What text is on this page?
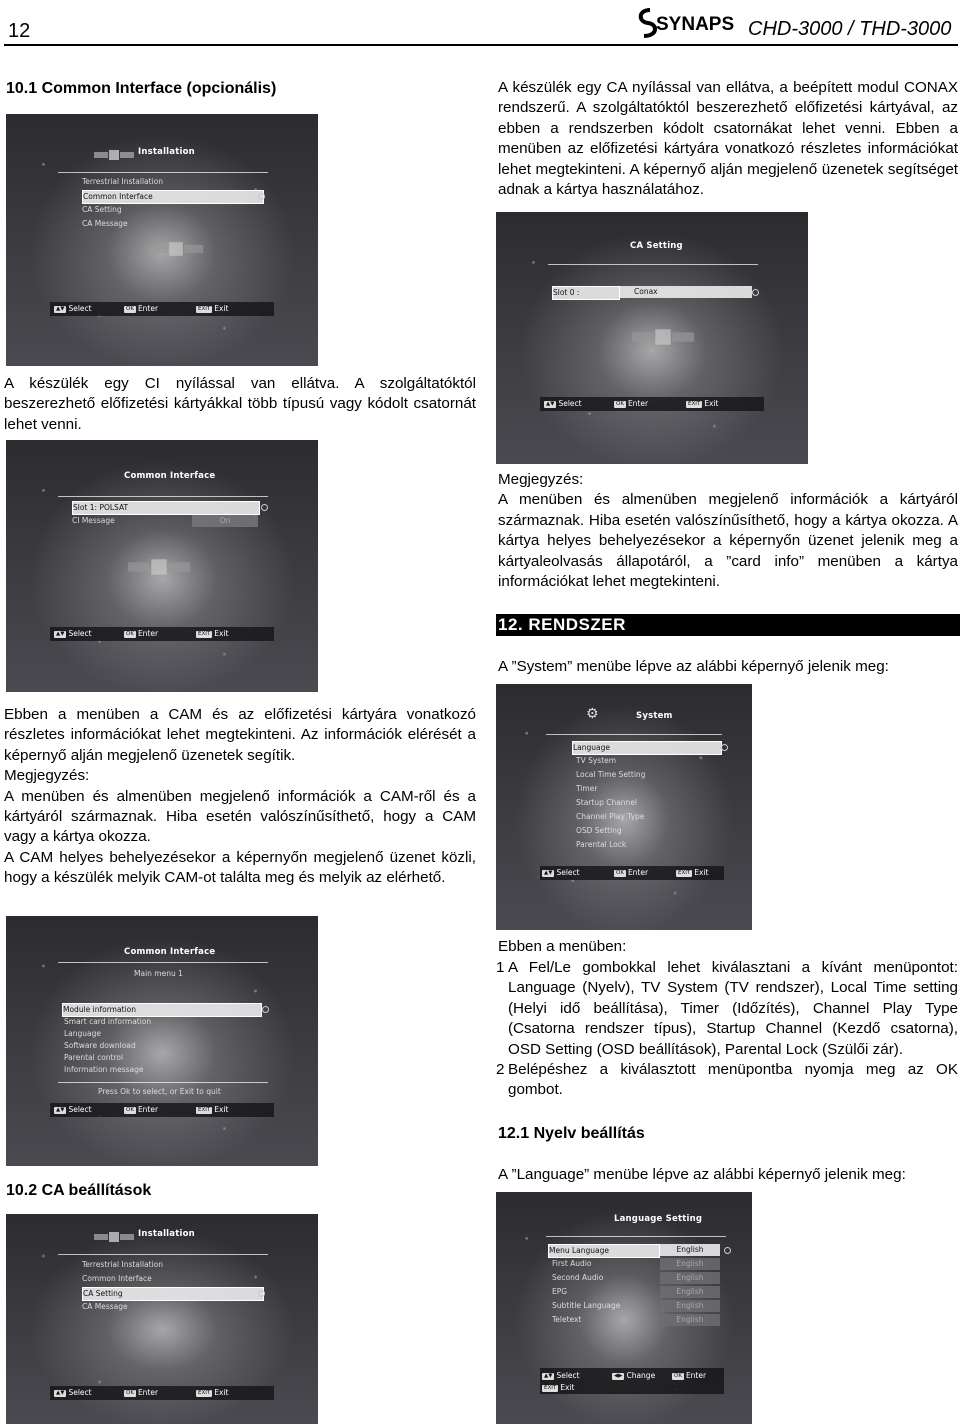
12	SYNAPS CHD-3000 / THD-3000
10.1 Common Interface (opcionális)
Installation
Terrestrial Installation
Common Interface
CA Setting
CA Message
▲▼ Select	OK Enter	EXIT Exit
A készülék egy CI nyílással van ellátva. A szolgáltatóktól beszerezhető előfizetési kártyákkal több típusú vagy kódolt csatornát lehet venni.
Common Interface
Slot 1: POLSAT
CI Message	On
▲▼ Select	OK Enter	EXIT Exit

Ebben a menüben a CAM és az előfizetési kártyára vonatkozó részletes információkat lehet megtekinteni. Az információk elérését a képernyő alján megjelenő üzenetek segítik.

Megjegyzés:

A menüben és almenüben megjelenő információk a CAM-ről és a kártyáról származnak. Hiba esetén valószínűsíthető, hogy a CAM vagy a kártya okozza.

A CAM helyes behelyezésekor a képernyőn megjelenő üzenet közli, hogy a készülék melyik CAM-ot találta meg és melyik az elérhető.

Common Interface
Main menu 1
Module information
Smart card information
Language
Software download
Parental control
Information message
Press Ok to select, or Exit to quit
▲▼ Select	OK Enter	EXIT Exit
10.2 CA beállítások
Installation
Terrestrial Installation
Common Interface
CA Setting
CA Message
▲▼ Select	OK Enter	EXIT Exit
A készülék egy CA nyílással van ellátva, a beépített modul CONAX rendszerű. A szolgáltatóktól beszerezhető előfizetési kártyával, az ebben a rendszerben kódolt csatornákat lehet venni. Ebben a menüben az előfizetési kártyára vonatkozó részletes információkat lehet megtekinteni. A képernyő alján megjelenő üzenetek segítséget adnak a kártya használatához.
CA Setting
Slot 0 :	Conax
▲▼ Select	OK Enter	EXIT Exit

Megjegyzés:

A menüben és almenüben megjelenő információk a kártyáról származnak. Hiba esetén valószínűsíthető, hogy a kártya okozza. A kártya helyes behelyezésekor a képernyőn üzenet jelenik meg a kártyaleolvasás állapotáról, a ”card info” menüben a kártya információkat lehet megtekinteni.

12. RENDSZER
A ”System” menübe lépve az alábbi képernyő jelenik meg:
⚙	System
Language
TV System
Local Time Setting
Timer
Startup Channel
Channel Play Type
OSD Setting
Parental Lock
▲▼ Select	OK Enter	EXIT Exit
Ebben a menüben:
1 A Fel/Le gombokkal lehet kiválasztani a kívánt menüpontot: Language (Nyelv), TV System (TV rendszer), Local Time setting (Helyi idő beállítása), Timer (Időzítés), Channel Play Type (Csatorna rendszer típus), Startup Channel (Kezdő csatorna), OSD Setting (OSD beállítások), Parental Lock (Szülői zár).
2 Belépéshez a kiválasztott menüpontba nyomja meg az OK gombot.
12.1 Nyelv beállítás
A ”Language” menübe lépve az alábbi képernyő jelenik meg:
Language Setting
Menu Language	English
First Audio	English
Second Audio	English
EPG	English
Subtitle Language	English
Teletext	English
▲▼ Select	◀▶ Change	OK Enter
EXIT Exit
